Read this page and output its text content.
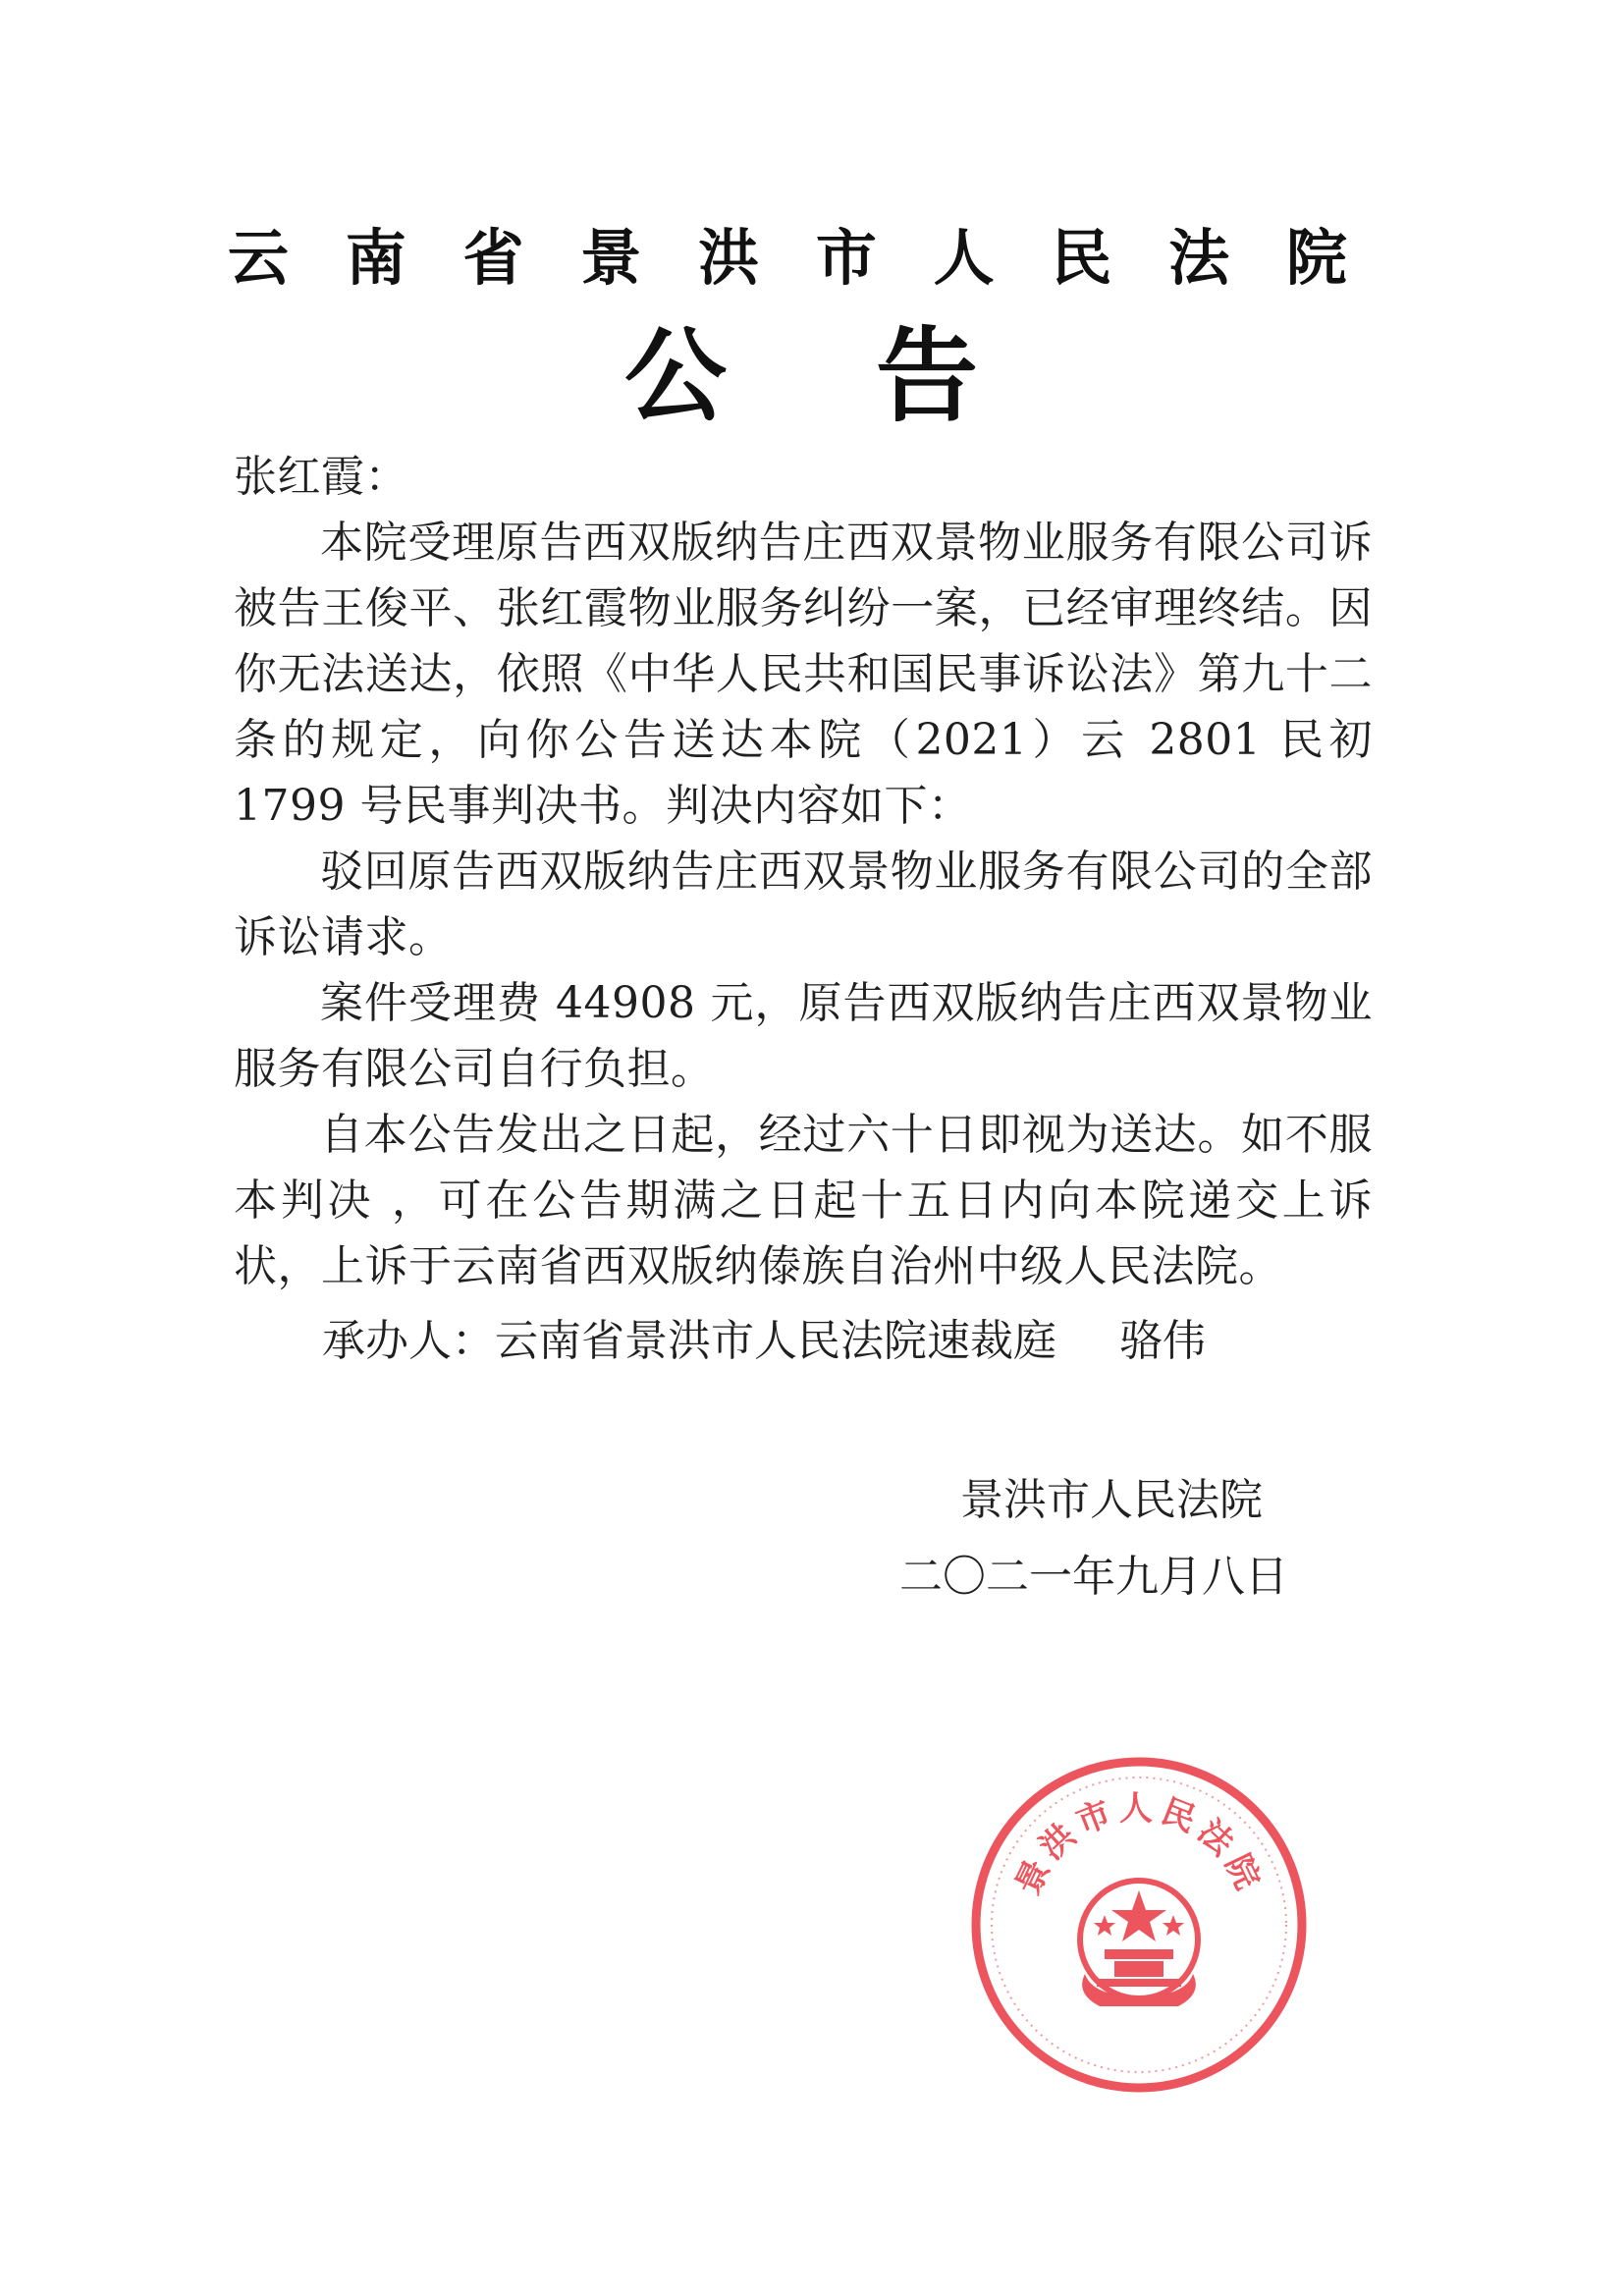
云 南 省 景 洪 市 人 民 法 院
公 告

张红霞：

本院受理原告西双版纳告庄西双景物业服务有限公司诉被告王俊平、张红霞物业服务纠纷一案，已经审理终结。因你无法送达，依照《中华人民共和国民事诉讼法》第九十二条的规定，向你公告送达本院（2021）云 2801 民初 1799 号民事判决书。判决内容如下：

驳回原告西双版纳告庄西双景物业服务有限公司的全部诉讼请求。

案件受理费 44908 元，原告西双版纳告庄西双景物业服务有限公司自行负担。

自本公告发出之日起，经过六十日即视为送达。如不服本判决 ，可在公告期满之日起十五日内向本院递交上诉状，上诉于云南省西双版纳傣族自治州中级人民法院。

承办人：云南省景洪市人民法院速裁庭 骆伟
景洪市人民法院
二〇二一年九月八日
景洪市人民法院
